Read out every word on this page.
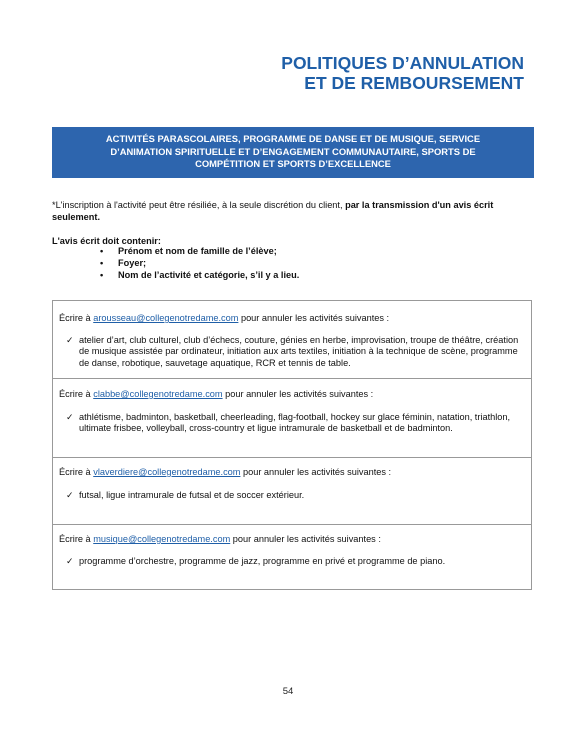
POLITIQUES D’ANNULATION
ET DE REMBOURSEMENT
ACTIVITÉS PARASCOLAIRES, PROGRAMME DE DANSE ET DE MUSIQUE, SERVICE
D’ANIMATION SPIRITUELLE ET D’ENGAGEMENT COMMUNAUTAIRE, SPORTS DE
COMPÉTITION ET SPORTS D’EXCELLENCE
*L'inscription à l'activité peut être résiliée, à la seule discrétion du client, par la transmission d'un avis écrit seulement.
L'avis écrit doit contenir:
• Prénom et nom de famille de l’élève;
• Foyer;
• Nom de l’activité et catégorie, s’il y a lieu.
Écrire à arousseau@collegenotredame.com pour annuler les activités suivantes :
✓ atelier d’art, club culturel, club d’échecs, couture, génies en herbe, improvisation, troupe de théâtre, création de musique assistée par ordinateur, initiation aux arts textiles, initiation à la technique de scène, programme de danse, robotique, sauvetage aquatique, RCR et tennis de table.
Écrire à clabbe@collegenotredame.com pour annuler les activités suivantes :
✓ athlétisme, badminton, basketball, cheerleading, flag-football, hockey sur glace féminin, natation, triathlon, ultimate frisbee, volleyball, cross-country et ligue intramurale de basketball et de badminton.
Écrire à vlaverdiere@collegenotredame.com pour annuler les activités suivantes :
✓ futsal, ligue intramurale de futsal et de soccer extérieur.
Écrire à musique@collegenotredame.com pour annuler les activités suivantes :
✓ programme d’orchestre, programme de jazz, programme en privé et programme de piano.
54
